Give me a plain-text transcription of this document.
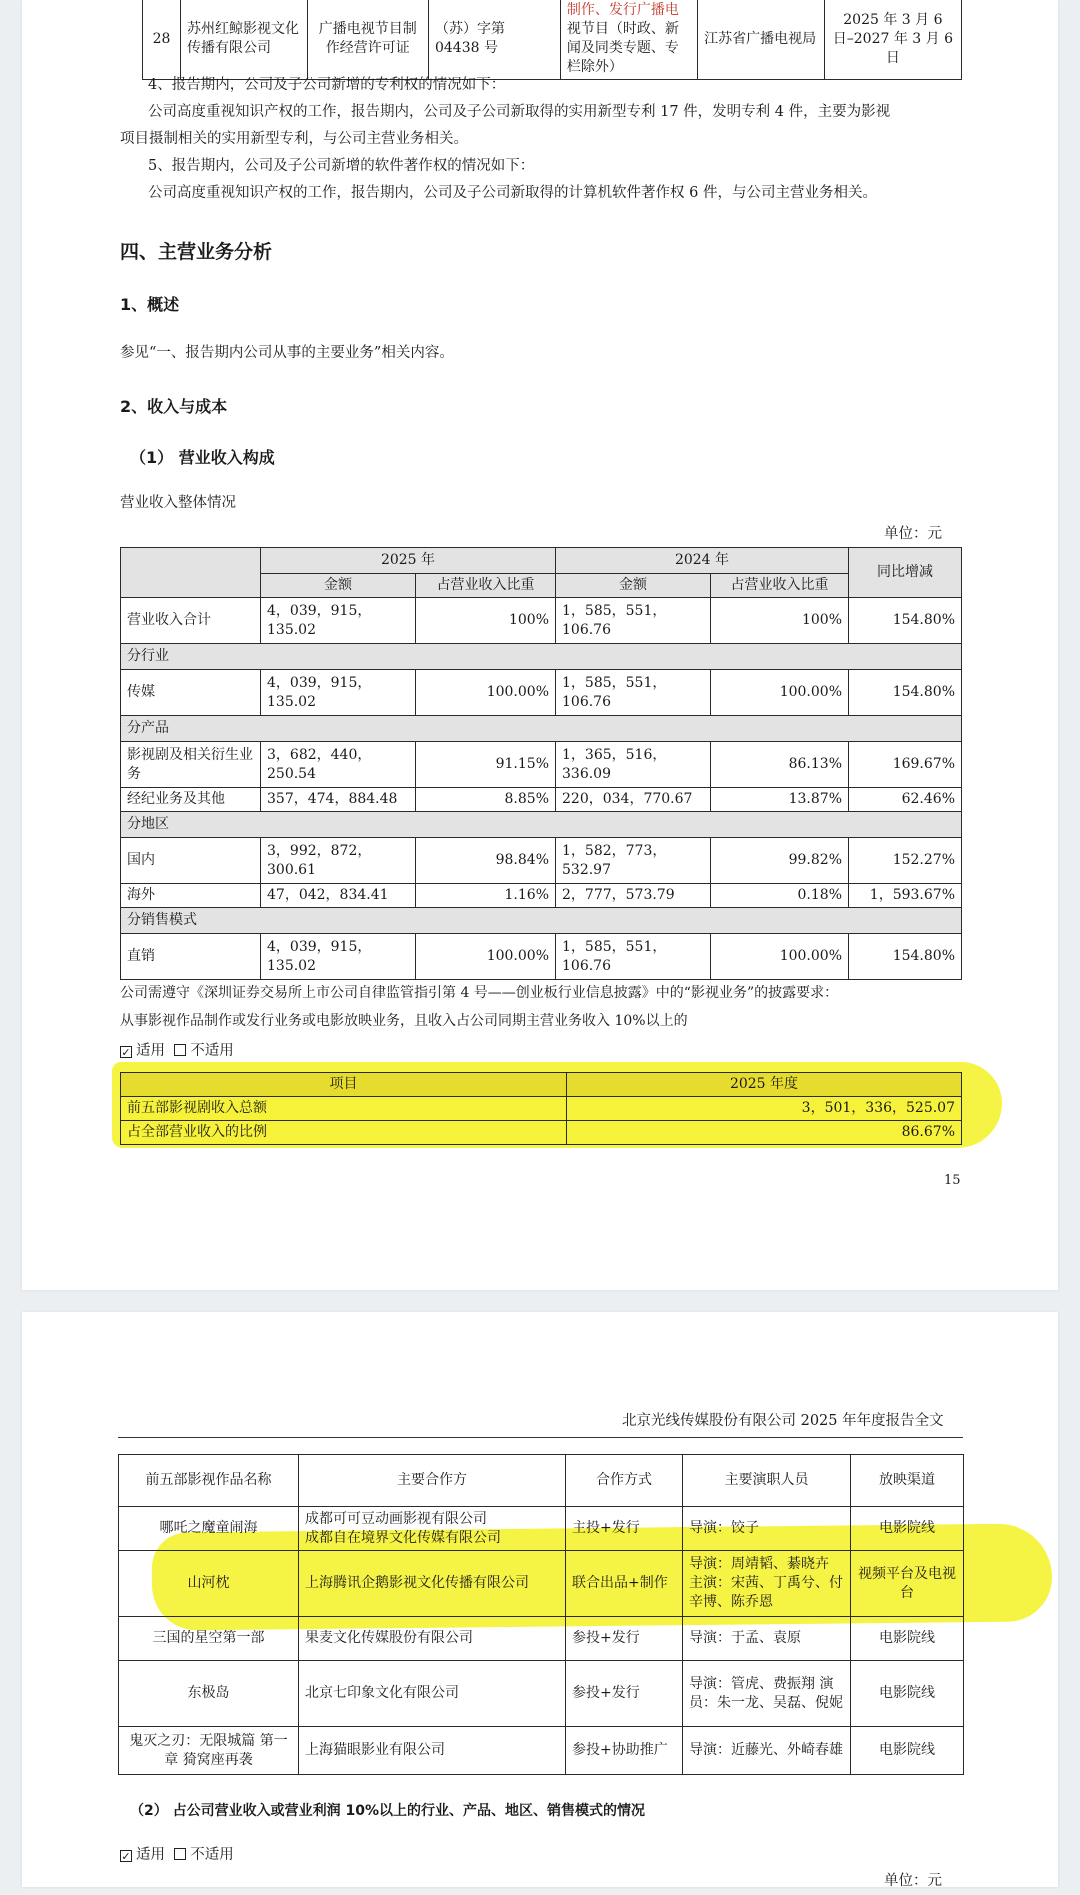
28	苏州红鲸影视文化传播有限公司	广播电视节目制作经营许可证	（苏）字第 04438 号	制作、发行广播电视节目（时政、新闻及同类专题、专栏除外）	江苏省广播电视局	2025 年 3 月 6 日–2027 年 3 月 6 日
4、报告期内，公司及子公司新增的专利权的情况如下：
公司高度重视知识产权的工作，报告期内，公司及子公司新取得的实用新型专利 17 件，发明专利 4 件，主要为影视
项目摄制相关的实用新型专利，与公司主营业务相关。
5、报告期内，公司及子公司新增的软件著作权的情况如下：
公司高度重视知识产权的工作，报告期内，公司及子公司新取得的计算机软件著作权 6 件，与公司主营业务相关。
四、主营业务分析
1、概述
参见“一、报告期内公司从事的主要业务”相关内容。
2、收入与成本
（1） 营业收入构成
营业收入整体情况
单位：元
	2025 年		2024 年		同比增减
	金额	占营业收入比重	金额	占营业收入比重	
营业收入合计	4，039，915，135.02	100%	1，585，551，106.76	100%	154.80%
分行业					
传媒	4，039，915，135.02	100.00%	1，585，551，106.76	100.00%	154.80%
分产品					
影视剧及相关衍生业务	3，682，440，250.54	91.15%	1，365，516，336.09	86.13%	169.67%
经纪业务及其他	357，474，884.48	8.85%	220，034，770.67	13.87%	62.46%
分地区					
国内	3，992，872，300.61	98.84%	1，582，773，532.97	99.82%	152.27%
海外	47，042，834.41	1.16%	2，777，573.79	0.18%	1，593.67%
分销售模式					
直销	4，039，915，135.02	100.00%	1，585，551，106.76	100.00%	154.80%
公司需遵守《深圳证券交易所上市公司自律监管指引第 4 号——创业板行业信息披露》中的“影视业务”的披露要求：
从事影视作品制作或发行业务或电影放映业务，且收入占公司同期主营业务收入 10%以上的
✓ 适用 不适用
项目	2025 年度
前五部影视剧收入总额	3，501，336，525.07
占全部营业收入的比例	86.67%
15
北京光线传媒股份有限公司 2025 年年度报告全文
前五部影视作品名称	主要合作方	合作方式	主要演职人员	放映渠道
哪吒之魔童闹海	成都可可豆动画影视有限公司
成都自在境界文化传媒有限公司	主投+发行	导演：饺子	电影院线
山河枕	上海腾讯企鹅影视文化传播有限公司	联合出品+制作	导演：周靖韬、綦晓卉 主演：宋茜、丁禹兮、付辛博、陈乔恩	视频平台及电视台
三国的星空第一部	果麦文化传媒股份有限公司	参投+发行	导演：于孟、袁原	电影院线
东极岛	北京七印象文化有限公司	参投+发行	导演：管虎、费振翔 演员：朱一龙、吴磊、倪妮	电影院线
鬼灭之刃：无限城篇 第一章 猗窝座再袭	上海猫眼影业有限公司	参投+协助推广	导演：近藤光、外崎春雄	电影院线
（2） 占公司营业收入或营业利润 10%以上的行业、产品、地区、销售模式的情况
✓ 适用 不适用
单位：元
